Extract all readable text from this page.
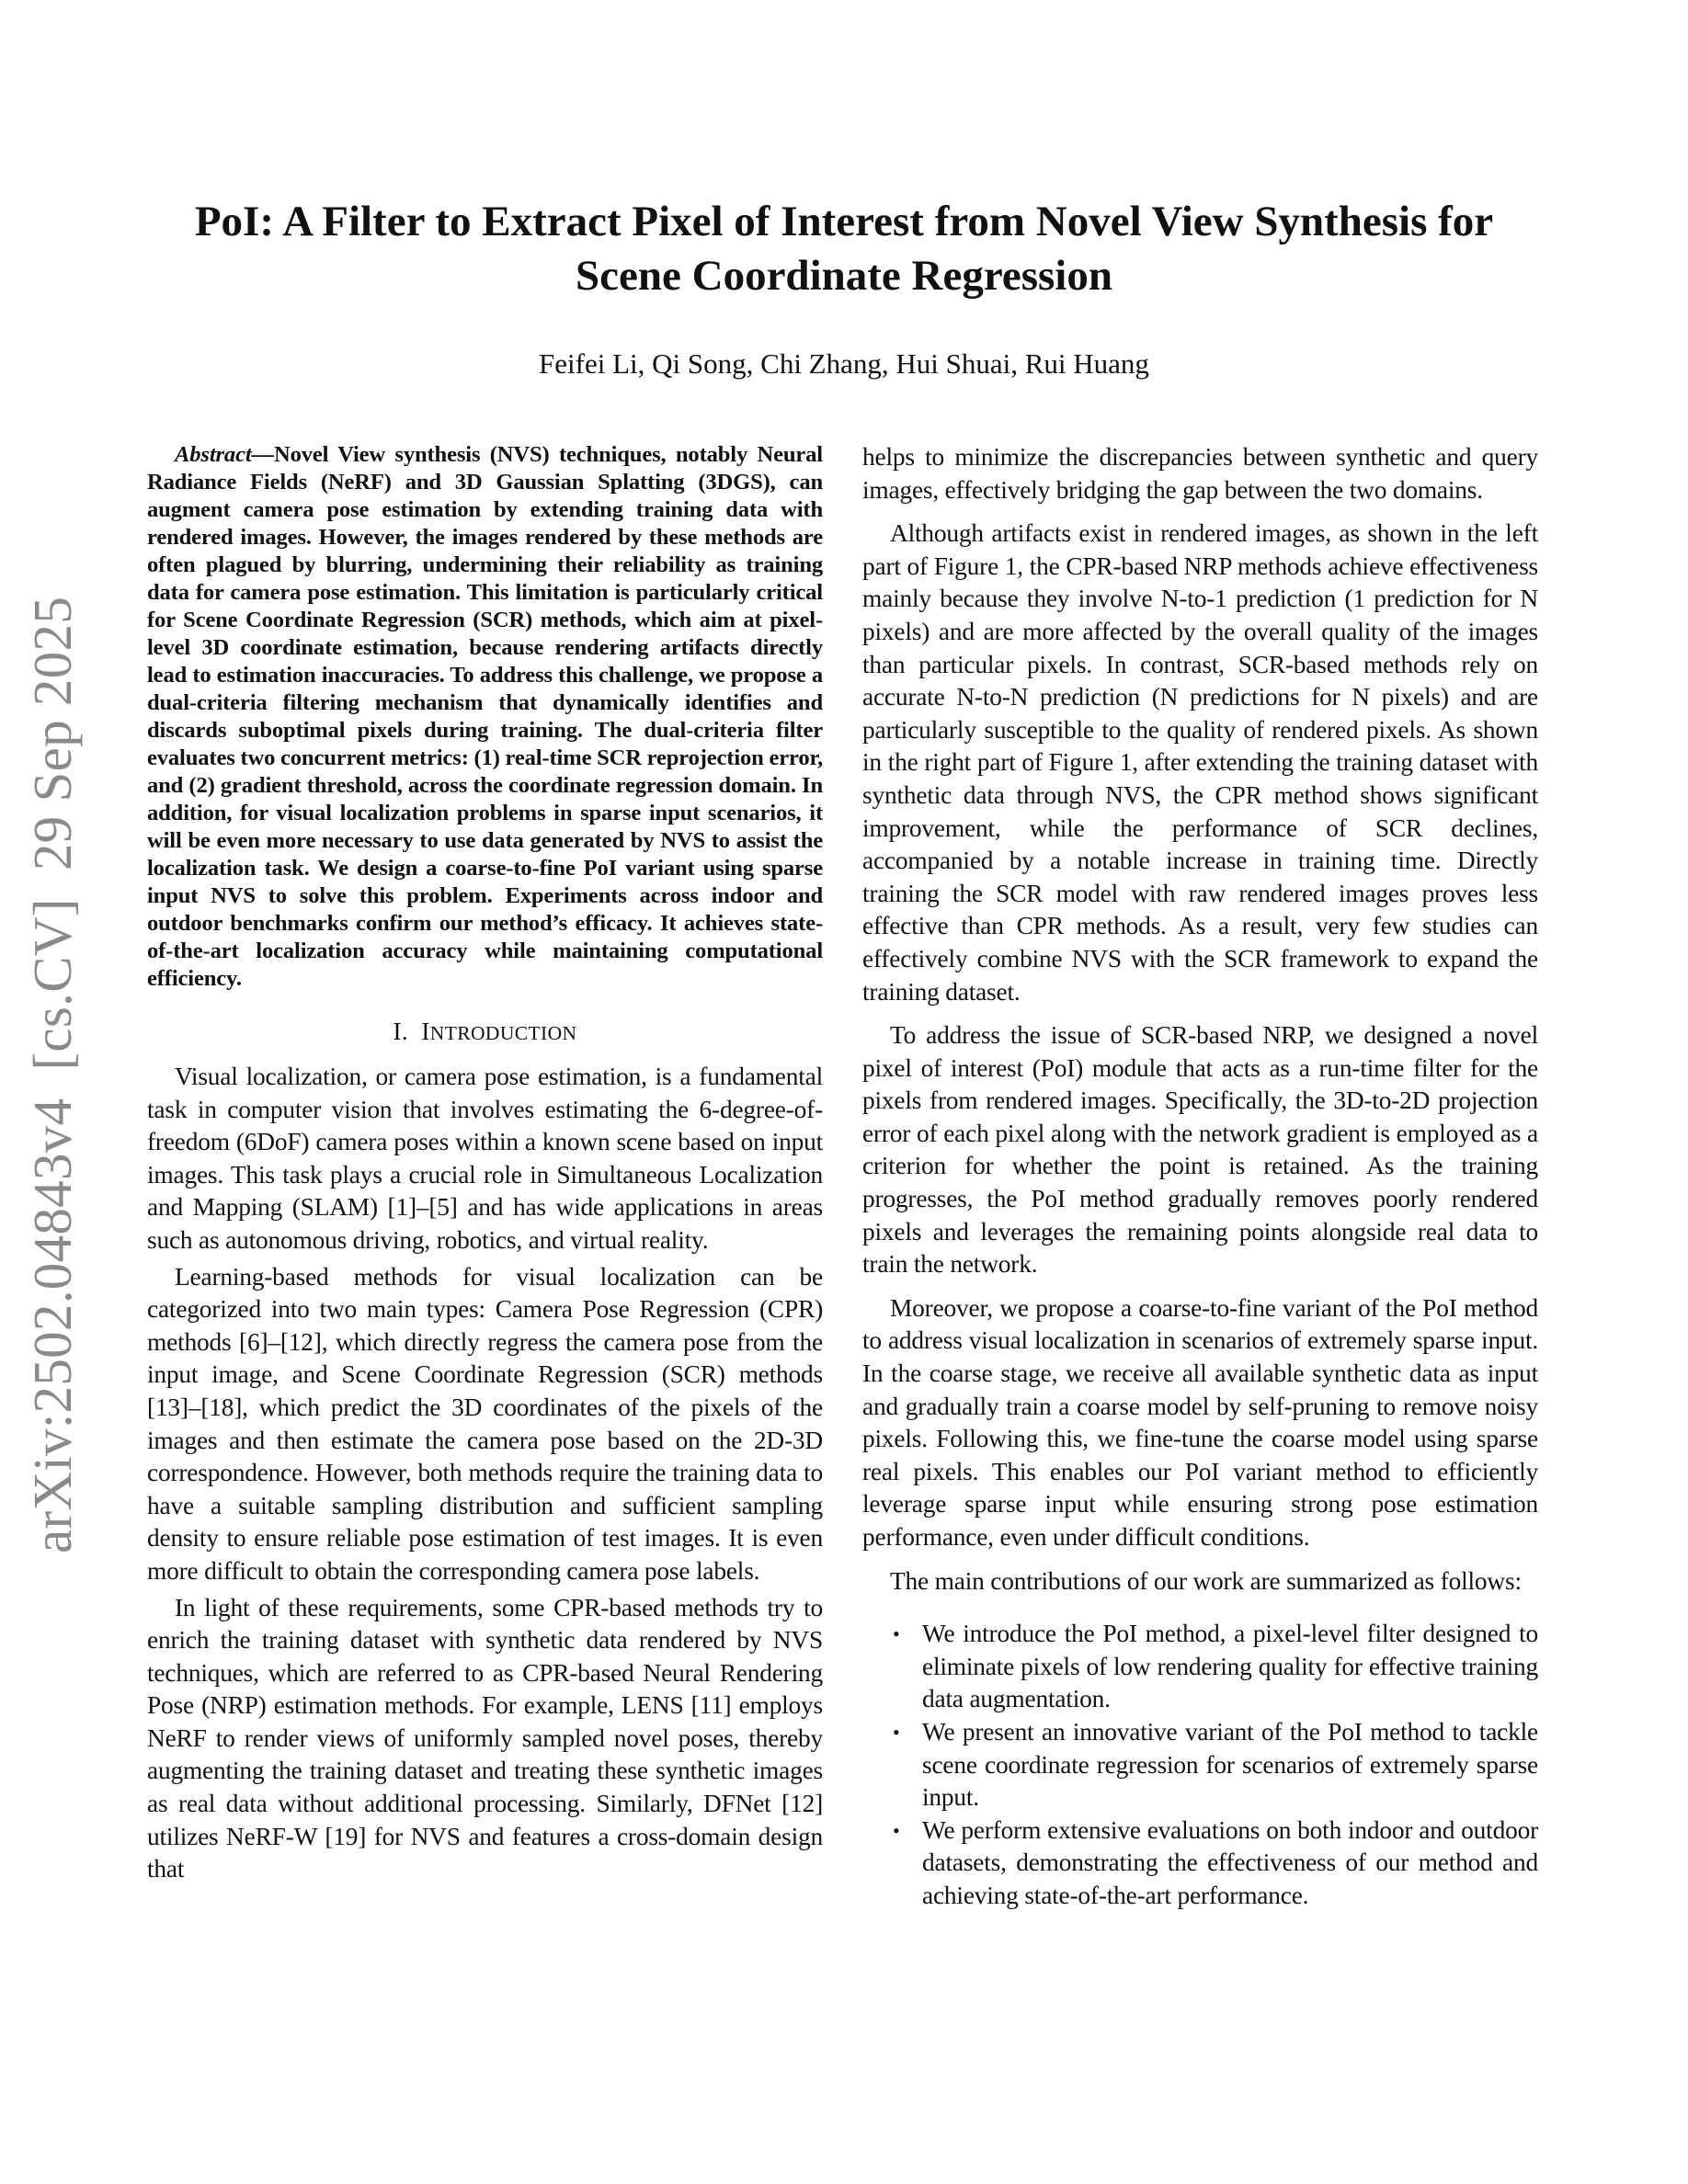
arXiv:2502.04843v4  [cs.CV]  29 Sep 2025
PoI: A Filter to Extract Pixel of Interest from Novel View Synthesis for Scene Coordinate Regression
Feifei Li, Qi Song, Chi Zhang, Hui Shuai, Rui Huang

Abstract—Novel View synthesis (NVS) techniques, notably Neural Radiance Fields (NeRF) and 3D Gaussian Splatting (3DGS), can augment camera pose estimation by extending training data with rendered images. However, the images rendered by these methods are often plagued by blurring, undermining their reliability as training data for camera pose estimation. This limitation is particularly critical for Scene Coordinate Regression (SCR) methods, which aim at pixel-level 3D coordinate estimation, because rendering artifacts directly lead to estimation inaccuracies. To address this challenge, we propose a dual-criteria filtering mechanism that dynamically identifies and discards suboptimal pixels during training. The dual-criteria filter evaluates two concurrent metrics: (1) real-time SCR reprojection error, and (2) gradient threshold, across the coordinate regression domain. In addition, for visual localization problems in sparse input scenarios, it will be even more necessary to use data generated by NVS to assist the localization task. We design a coarse-to-fine PoI variant using sparse input NVS to solve this problem. Experiments across indoor and outdoor benchmarks confirm our method’s efficacy. It achieves state-of-the-art localization accuracy while maintaining computational efficiency.

I. INTRODUCTION

Visual localization, or camera pose estimation, is a fundamental task in computer vision that involves estimating the 6-degree-of-freedom (6DoF) camera poses within a known scene based on input images. This task plays a crucial role in Simultaneous Localization and Mapping (SLAM) [1]–[5] and has wide applications in areas such as autonomous driving, robotics, and virtual reality.

Learning-based methods for visual localization can be categorized into two main types: Camera Pose Regression (CPR) methods [6]–[12], which directly regress the camera pose from the input image, and Scene Coordinate Regression (SCR) methods [13]–[18], which predict the 3D coordinates of the pixels of the images and then estimate the camera pose based on the 2D-3D correspondence. However, both methods require the training data to have a suitable sampling distribution and sufficient sampling density to ensure reliable pose estimation of test images. It is even more difficult to obtain the corresponding camera pose labels.

In light of these requirements, some CPR-based methods try to enrich the training dataset with synthetic data rendered by NVS techniques, which are referred to as CPR-based Neural Rendering Pose (NRP) estimation methods. For example, LENS [11] employs NeRF to render views of uniformly sampled novel poses, thereby augmenting the training dataset and treating these synthetic images as real data without additional processing. Similarly, DFNet [12] utilizes NeRF-W [19] for NVS and features a cross-domain design that

helps to minimize the discrepancies between synthetic and query images, effectively bridging the gap between the two domains.

Although artifacts exist in rendered images, as shown in the left part of Figure 1, the CPR-based NRP methods achieve effectiveness mainly because they involve N-to-1 prediction (1 prediction for N pixels) and are more affected by the overall quality of the images than particular pixels. In contrast, SCR-based methods rely on accurate N-to-N prediction (N predictions for N pixels) and are particularly susceptible to the quality of rendered pixels. As shown in the right part of Figure 1, after extending the training dataset with synthetic data through NVS, the CPR method shows significant improvement, while the performance of SCR declines, accompanied by a notable increase in training time. Directly training the SCR model with raw rendered images proves less effective than CPR methods. As a result, very few studies can effectively combine NVS with the SCR framework to expand the training dataset.

To address the issue of SCR-based NRP, we designed a novel pixel of interest (PoI) module that acts as a run-time filter for the pixels from rendered images. Specifically, the 3D-to-2D projection error of each pixel along with the network gradient is employed as a criterion for whether the point is retained. As the training progresses, the PoI method gradually removes poorly rendered pixels and leverages the remaining points alongside real data to train the network.

Moreover, we propose a coarse-to-fine variant of the PoI method to address visual localization in scenarios of extremely sparse input. In the coarse stage, we receive all available synthetic data as input and gradually train a coarse model by self-pruning to remove noisy pixels. Following this, we fine-tune the coarse model using sparse real pixels. This enables our PoI variant method to efficiently leverage sparse input while ensuring strong pose estimation performance, even under difficult conditions.

The main contributions of our work are summarized as follows:

• We introduce the PoI method, a pixel-level filter designed to eliminate pixels of low rendering quality for effective training data augmentation.
• We present an innovative variant of the PoI method to tackle scene coordinate regression for scenarios of extremely sparse input.
• We perform extensive evaluations on both indoor and outdoor datasets, demonstrating the effectiveness of our method and achieving state-of-the-art performance.
